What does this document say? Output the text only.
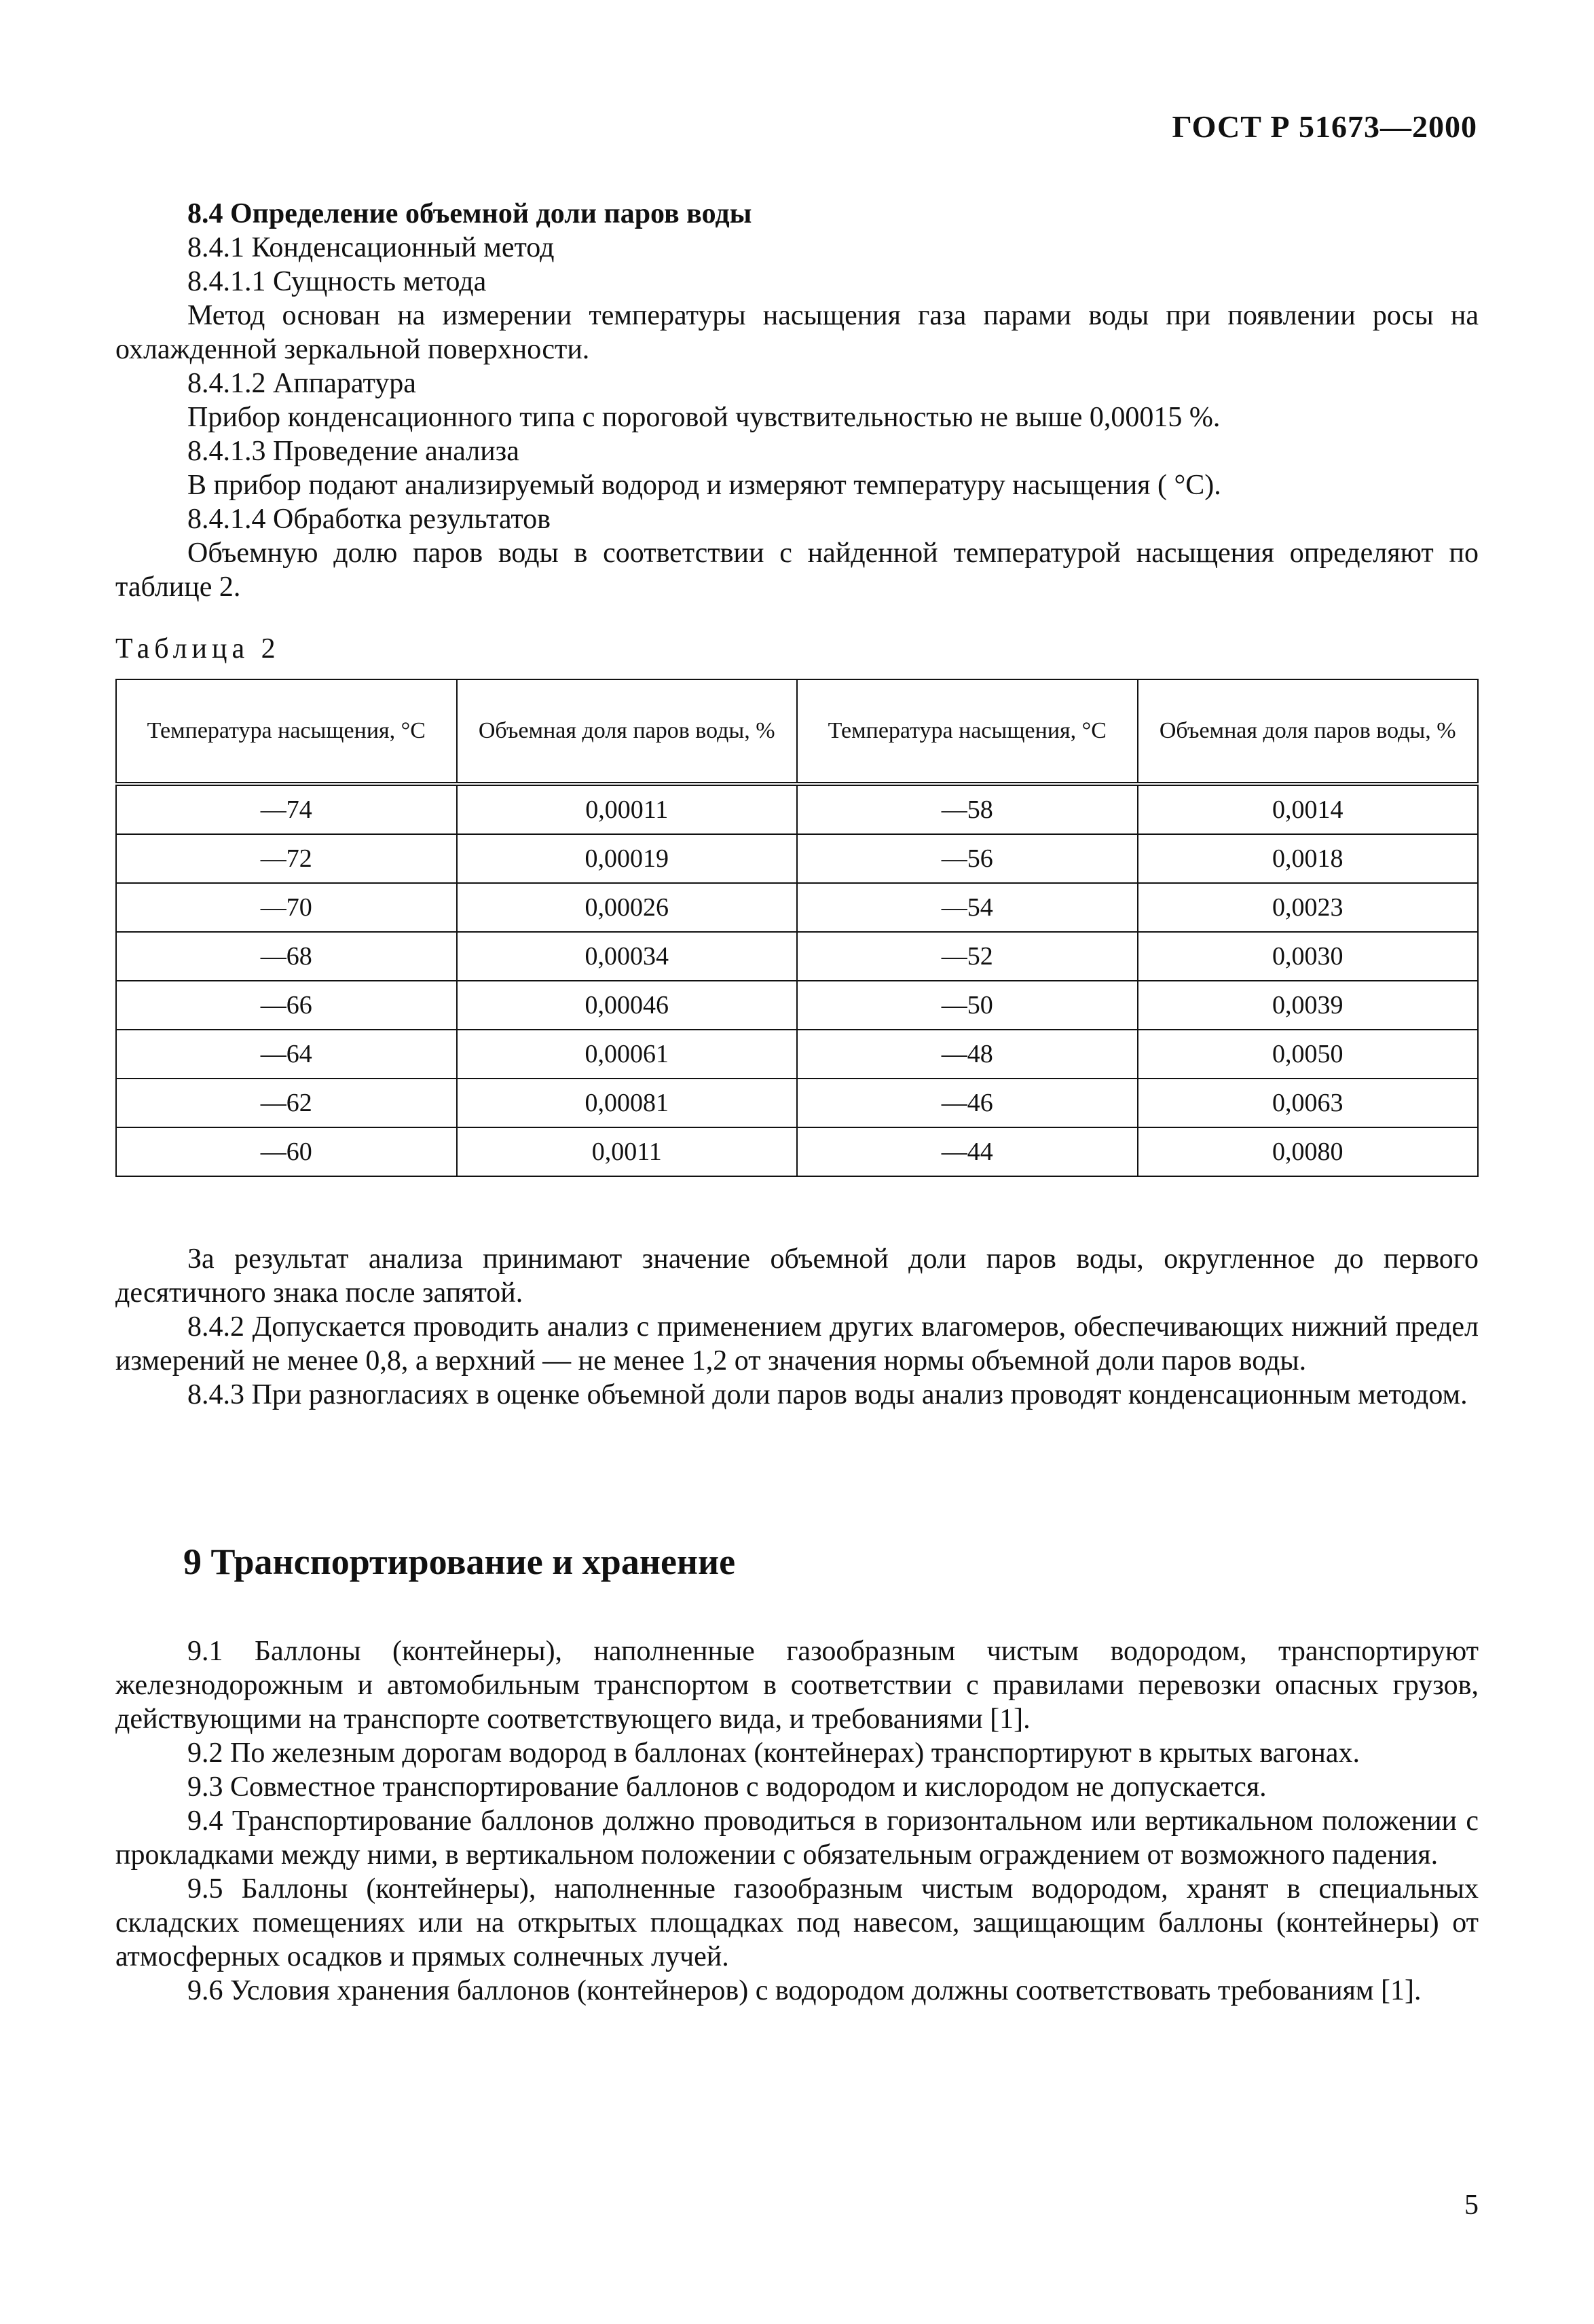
ГОСТ Р 51673—2000

8.4 Определение объемной доли паров воды

8.4.1 Конденсационный метод

8.4.1.1 Сущность метода

Метод основан на измерении температуры насыщения газа парами воды при появлении росы на охлажденной зеркальной поверхности.

8.4.1.2 Аппаратура

Прибор конденсационного типа с пороговой чувствительностью не выше 0,00015 %.

8.4.1.3 Проведение анализа

В прибор подают анализируемый водород и измеряют температуру насыщения ( °С).

8.4.1.4 Обработка результатов

Объемную долю паров воды в соответствии с найденной температурой насыщения определяют по таблице 2.

Таблица 2
Температура насыщения, °С	Объемная доля паров воды, %	Температура насыщения, °С	Объемная доля паров воды, %
—74	0,00011	—58	0,0014
—72	0,00019	—56	0,0018
—70	0,00026	—54	0,0023
—68	0,00034	—52	0,0030
—66	0,00046	—50	0,0039
—64	0,00061	—48	0,0050
—62	0,00081	—46	0,0063
—60	0,0011	—44	0,0080

За результат анализа принимают значение объемной доли паров воды, округленное до первого десятичного знака после запятой.

8.4.2 Допускается проводить анализ с применением других влагомеров, обеспечивающих нижний предел измерений не менее 0,8, а верхний — не менее 1,2 от значения нормы объемной доли паров воды.

8.4.3 При разногласиях в оценке объемной доли паров воды анализ проводят конденсационным методом.

9 Транспортирование и хранение

9.1 Баллоны (контейнеры), наполненные газообразным чистым водородом, транспортируют железнодорожным и автомобильным транспортом в соответствии с правилами перевозки опасных грузов, действующими на транспорте соответствующего вида, и требованиями [1].

9.2 По железным дорогам водород в баллонах (контейнерах) транспортируют в крытых вагонах.

9.3 Совместное транспортирование баллонов с водородом и кислородом не допускается.

9.4 Транспортирование баллонов должно проводиться в горизонтальном или вертикальном положении с прокладками между ними, в вертикальном положении с обязательным ограждением от возможного падения.

9.5 Баллоны (контейнеры), наполненные газообразным чистым водородом, хранят в специальных складских помещениях или на открытых площадках под навесом, защищающим баллоны (контейнеры) от атмосферных осадков и прямых солнечных лучей.

9.6 Условия хранения баллонов (контейнеров) с водородом должны соответствовать требованиям [1].

5
